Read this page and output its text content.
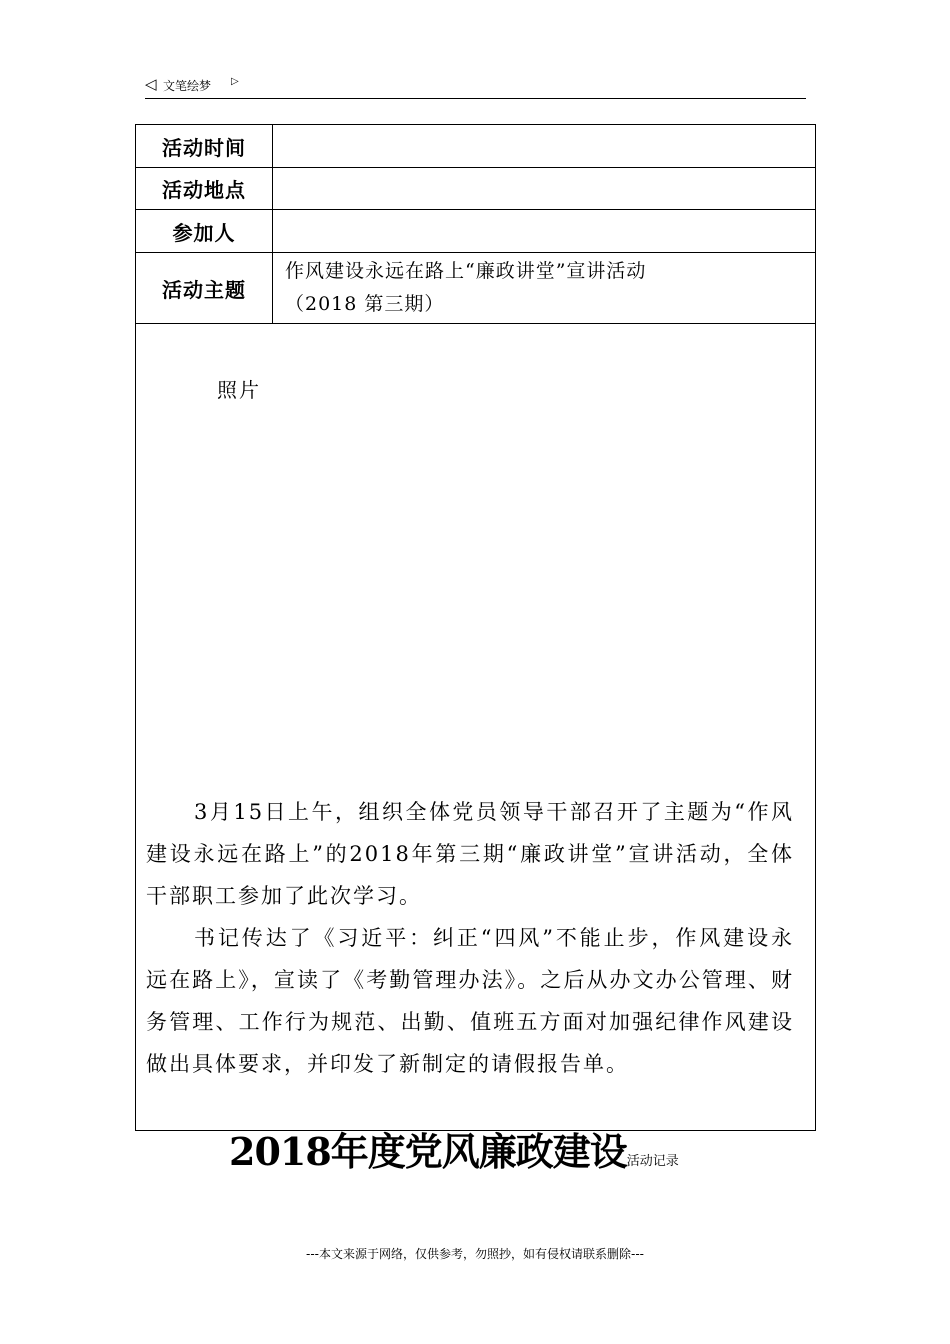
◁ 文笔绘梦 ▷
活动时间	
活动地点	
参加人	
活动主题	作风建设永远在路上“廉政讲堂”宣讲活动
（2018 第三期）

照片

3月15日上午，组织全体党员领导干部召开了主题为“作风建设永远在路上”的2018年第三期“廉政讲堂”宣讲活动，全体干部职工参加了此次学习。

书记传达了《习近平：纠正“四风”不能止步，作风建设永远在路上》，宣读了《考勤管理办法》。之后从办文办公管理、财务管理、工作行为规范、出勤、值班五方面对加强纪律作风建设做出具体要求，并印发了新制定的请假报告单。	

2018年度党风廉政建设活动记录
---本文来源于网络，仅供参考，勿照抄，如有侵权请联系删除---
